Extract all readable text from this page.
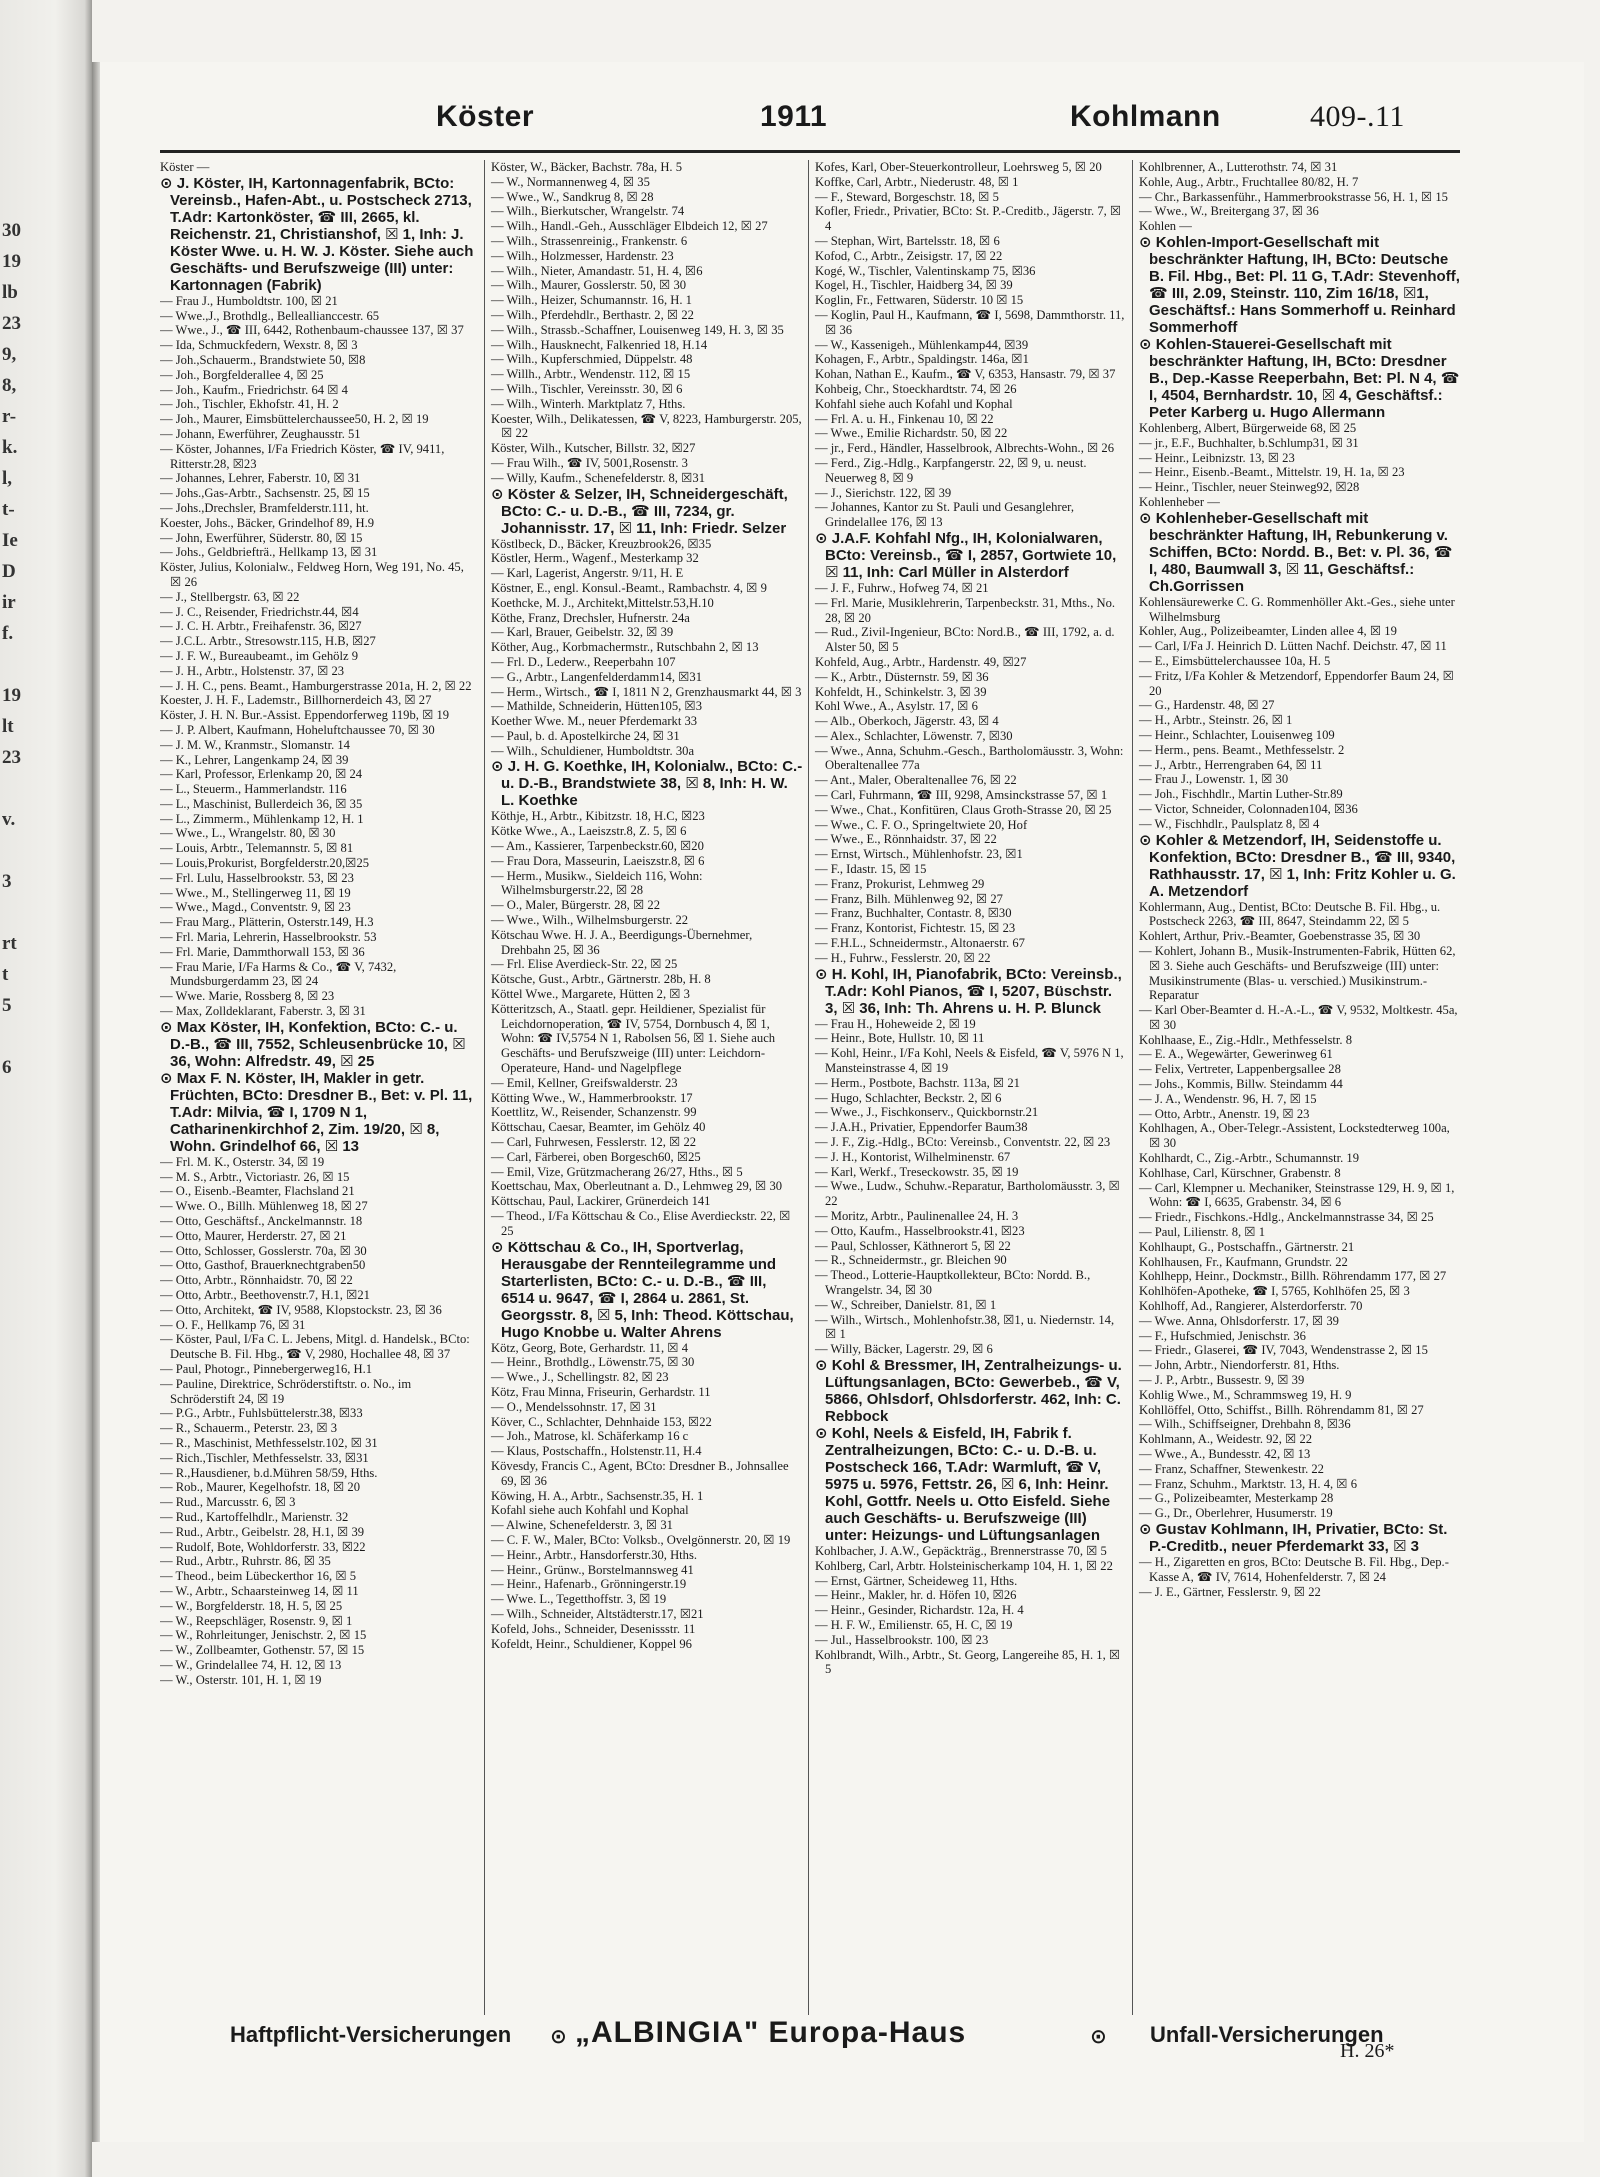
30
19
lb
23
9,
8,
r-
k.
l,
t-
Ie
D
ir
f.

19
lt
23

v.

3

rt
t
5

6

Köster	1911	Kohlmann	409-.11

Köster —

⊙ J. Köster, IH, Kartonnagenfabrik, BCto: Vereinsb., Hafen-Abt., u. Postscheck 2713, T.Adr: Kartonköster, ☎ III, 2665, kl. Reichenstr. 21, Christianshof, ☒ 1, Inh: J. Köster Wwe. u. H. W. J. Köster. Siehe auch Geschäfts- und Berufszweige (III) unter: Kartonnagen (Fabrik)

— Frau J., Humboldtstr. 100, ☒ 21

— Wwe.,J., Brothdlg., Belleallianccestr. 65

— Wwe., J., ☎ III, 6442, Rothenbaum-chaussee 137, ☒ 37

— Ida, Schmuckfedern, Wexstr. 8, ☒ 3

— Joh.,Schauerm., Brandstwiete 50, ☒8

— Joh., Borgfelderallee 4, ☒ 25

— Joh., Kaufm., Friedrichstr. 64 ☒ 4

— Joh., Tischler, Ekhofstr. 41, H. 2

— Joh., Maurer, Eimsbüttelerchaussee50, H. 2, ☒ 19

— Johann, Ewerführer, Zeughausstr. 51

— Köster, Johannes, I/Fa Friedrich Köster, ☎ IV, 9411, Ritterstr.28, ☒23

— Johannes, Lehrer, Faberstr. 10, ☒ 31

— Johs.,Gas-Arbtr., Sachsenstr. 25, ☒ 15

— Johs.,Drechsler, Bramfelderstr.111, ht.

Koester, Johs., Bäcker, Grindelhof 89, H.9

— John, Ewerführer, Süderstr. 80, ☒ 15

— Johs., Geldbriefträ., Hellkamp 13, ☒ 31

Köster, Julius, Kolonialw., Feldweg Horn, Weg 191, No. 45, ☒ 26

— J., Stellbergstr. 63, ☒ 22

— J. C., Reisender, Friedrichstr.44, ☒4

— J. C. H. Arbtr., Freihafenstr. 36, ☒27

— J.C.L. Arbtr., Stresowstr.115, H.B, ☒27

— J. F. W., Bureaubeamt., im Gehölz 9

— J. H., Arbtr., Holstenstr. 37, ☒ 23

— J. H. C., pens. Beamt., Hamburgerstrasse 201a, H. 2, ☒ 22

Koester, J. H. F., Lademstr., Billhornerdeich 43, ☒ 27

Köster, J. H. N. Bur.-Assist. Eppendorferweg 119b, ☒ 19

— J. P. Albert, Kaufmann, Hoheluftchaussee 70, ☒ 30

— J. M. W., Kranmstr., Slomanstr. 14

— K., Lehrer, Langenkamp 24, ☒ 39

— Karl, Professor, Erlenkamp 20, ☒ 24

— L., Steuerm., Hammerlandstr. 116

— L., Maschinist, Bullerdeich 36, ☒ 35

— L., Zimmerm., Mühlenkamp 12, H. 1

— Wwe., L., Wrangelstr. 80, ☒ 30

— Louis, Arbtr., Telemannstr. 5, ☒ 81

— Louis,Prokurist, Borgfelderstr.20,☒25

— Frl. Lulu, Hasselbrookstr. 53, ☒ 23

— Wwe., M., Stellingerweg 11, ☒ 19

— Wwe., Magd., Conventstr. 9, ☒ 23

— Frau Marg., Plätterin, Osterstr.149, H.3

— Frl. Maria, Lehrerin, Hasselbrookstr. 53

— Frl. Marie, Dammthorwall 153, ☒ 36

— Frau Marie, I/Fa Harms & Co., ☎ V, 7432, Mundsburgerdamm 23, ☒ 24

— Wwe. Marie, Rossberg 8, ☒ 23

— Max, Zolldeklarant, Faberstr. 3, ☒ 31

⊙ Max Köster, IH, Konfektion, BCto: C.- u. D.-B., ☎ III, 7552, Schleusenbrücke 10, ☒ 36, Wohn: Alfredstr. 49, ☒ 25

⊙ Max F. N. Köster, IH, Makler in getr. Früchten, BCto: Dresdner B., Bet: v. Pl. 11, T.Adr: Milvia, ☎ I, 1709 N 1, Catharinenkirchhof 2, Zim. 19/20, ☒ 8, Wohn. Grindelhof 66, ☒ 13

— Frl. M. K., Osterstr. 34, ☒ 19

— M. S., Arbtr., Victoriastr. 26, ☒ 15

— O., Eisenb.-Beamter, Flachsland 21

— Wwe. O., Billh. Mühlenweg 18, ☒ 27

— Otto, Geschäftsf., Anckelmannstr. 18

— Otto, Maurer, Herderstr. 27, ☒ 21

— Otto, Schlosser, Gosslerstr. 70a, ☒ 30

— Otto, Gasthof, Brauerknechtgraben50

— Otto, Arbtr., Rönnhaidstr. 70, ☒ 22

— Otto, Arbtr., Beethovenstr.7, H.1, ☒21

— Otto, Architekt, ☎ IV, 9588, Klopstockstr. 23, ☒ 36

— O. F., Hellkamp 76, ☒ 31

— Köster, Paul, I/Fa C. L. Jebens, Mitgl. d. Handelsk., BCto: Deutsche B. Fil. Hbg., ☎ V, 2980, Hochallee 48, ☒ 37

— Paul, Photogr., Pinnebergerweg16, H.1

— Pauline, Direktrice, Schröderstiftstr. o. No., im Schröderstift 24, ☒ 19

— P.G., Arbtr., Fuhlsbüttelerstr.38, ☒33

— R., Schauerm., Peterstr. 23, ☒ 3

— R., Maschinist, Methfesselstr.102, ☒ 31

— Rich.,Tischler, Methfesselstr. 33, ☒31

— R.,Hausdiener, b.d.Mühren 58/59, Hths.

— Rob., Maurer, Kegelhofstr. 18, ☒ 20

— Rud., Marcusstr. 6, ☒ 3

— Rud., Kartoffelhdlr., Marienstr. 32

— Rud., Arbtr., Geibelstr. 28, H.1, ☒ 39

— Rudolf, Bote, Wohldorferstr. 33, ☒22

— Rud., Arbtr., Ruhrstr. 86, ☒ 35

— Theod., beim Lübeckerthor 16, ☒ 5

— W., Arbtr., Schaarsteinweg 14, ☒ 11

— W., Borgfelderstr. 18, H. 5, ☒ 25

— W., Reepschläger, Rosenstr. 9, ☒ 1

— W., Rohrleitunger, Jenischstr. 2, ☒ 15

— W., Zollbeamter, Gothenstr. 57, ☒ 15

— W., Grindelallee 74, H. 12, ☒ 13

— W., Osterstr. 101, H. 1, ☒ 19

Köster, W., Bäcker, Bachstr. 78a, H. 5

— W., Normannenweg 4, ☒ 35

— Wwe., W., Sandkrug 8, ☒ 28

— Wilh., Bierkutscher, Wrangelstr. 74

— Wilh., Handl.-Geh., Ausschläger Elbdeich 12, ☒ 27

— Wilh., Strassenreinig., Frankenstr. 6

— Wilh., Holzmesser, Hardenstr. 23

— Wilh., Nieter, Amandastr. 51, H. 4, ☒6

— Wilh., Maurer, Gosslerstr. 50, ☒ 30

— Wilh., Heizer, Schumannstr. 16, H. 1

— Wilh., Pferdehdlr., Berthastr. 2, ☒ 22

— Wilh., Strassb.-Schaffner, Louisenweg 149, H. 3, ☒ 35

— Wilh., Hausknecht, Falkenried 18, H.14

— Wilh., Kupferschmied, Düppelstr. 48

— Willh., Arbtr., Wendenstr. 112, ☒ 15

— Wilh., Tischler, Vereinsstr. 30, ☒ 6

— Wilh., Winterh. Marktplatz 7, Hths.

Koester, Wilh., Delikatessen, ☎ V, 8223, Hamburgerstr. 205, ☒ 22

Köster, Wilh., Kutscher, Billstr. 32, ☒27

— Frau Wilh., ☎ IV, 5001,Rosenstr. 3

— Willy, Kaufm., Schenefelderstr. 8, ☒31

⊙ Köster & Selzer, IH, Schneidergeschäft, BCto: C.- u. D.-B., ☎ III, 7234, gr. Johannisstr. 17, ☒ 11, Inh: Friedr. Selzer

Köstlbeck, D., Bäcker, Kreuzbrook26, ☒35

Köstler, Herm., Wagenf., Mesterkamp 32

— Karl, Lagerist, Angerstr. 9/11, H. E

Köstner, E., engl. Konsul.-Beamt., Rambachstr. 4, ☒ 9

Koethcke, M. J., Architekt,Mittelstr.53,H.10

Köthe, Franz, Drechsler, Hufnerstr. 24a

— Karl, Brauer, Geibelstr. 32, ☒ 39

Köther, Aug., Korbmachermstr., Rutschbahn 2, ☒ 13

— Frl. D., Lederw., Reeperbahn 107

— G., Arbtr., Langenfelderdamm14, ☒31

— Herm., Wirtsch., ☎ I, 1811 N 2, Grenzhausmarkt 44, ☒ 3

— Mathilde, Schneiderin, Hütten105, ☒3

Koether Wwe. M., neuer Pferdemarkt 33

— Paul, b. d. Apostelkirche 24, ☒ 31

— Wilh., Schuldiener, Humboldtstr. 30a

⊙ J. H. G. Koethke, IH, Kolonialw., BCto: C.- u. D.-B., Brandstwiete 38, ☒ 8, Inh: H. W. L. Koethke

Köthje, H., Arbtr., Kibitzstr. 18, H.C, ☒23

Kötke Wwe., A., Laeiszstr.8, Z. 5, ☒ 6

— Am., Kassierer, Tarpenbeckstr.60, ☒20

— Frau Dora, Masseurin, Laeiszstr.8, ☒ 6

— Herm., Musikw., Sieldeich 116, Wohn: Wilhelmsburgerstr.22, ☒ 28

— O., Maler, Bürgerstr. 28, ☒ 22

— Wwe., Wilh., Wilhelmsburgerstr. 22

Kötschau Wwe. H. J. A., Beerdigungs-Übernehmer, Drehbahn 25, ☒ 36

— Frl. Elise Averdieck-Str. 22, ☒ 25

Kötsche, Gust., Arbtr., Gärtnerstr. 28b, H. 8

Köttel Wwe., Margarete, Hütten 2, ☒ 3

Kötteritzsch, A., Staatl. gepr. Heildiener, Spezialist für Leichdornoperation, ☎ IV, 5754, Dornbusch 4, ☒ 1, Wohn: ☎ IV,5754 N 1, Rabolsen 56, ☒ 1. Siehe auch Geschäfts- und Berufszweige (III) unter: Leichdorn-Operateure, Hand- und Nagelpflege

— Emil, Kellner, Greifswalderstr. 23

Kötting Wwe., W., Hammerbrookstr. 17

Koettlitz, W., Reisender, Schanzenstr. 99

Köttschau, Caesar, Beamter, im Gehölz 40

— Carl, Fuhrwesen, Fesslerstr. 12, ☒ 22

— Carl, Färberei, oben Borgesch60, ☒25

— Emil, Vize, Grützmacherang 26/27, Hths., ☒ 5

Koettschau, Max, Oberleutnant a. D., Lehmweg 29, ☒ 30

Köttschau, Paul, Lackirer, Grünerdeich 141

— Theod., I/Fa Köttschau & Co., Elise Averdieckstr. 22, ☒ 25

⊙ Köttschau & Co., IH, Sportverlag, Herausgabe der Rennteilegramme und Starterlisten, BCto: C.- u. D.-B., ☎ III, 6514 u. 9647, ☎ I, 2864 u. 2861, St. Georgsstr. 8, ☒ 5, Inh: Theod. Köttschau, Hugo Knobbe u. Walter Ahrens

Kötz, Georg, Bote, Gerhardstr. 11, ☒ 4

— Heinr., Brothdlg., Löwenstr.75, ☒ 30

— Wwe., J., Schellingstr. 82, ☒ 23

Kötz, Frau Minna, Friseurin, Gerhardstr. 11

— O., Mendelssohnstr. 17, ☒ 31

Köver, C., Schlachter, Dehnhaide 153, ☒22

— Joh., Matrose, kl. Schäferkamp 16 c

— Klaus, Postschaffn., Holstenstr.11, H.4

Kövesdy, Francis C., Agent, BCto: Dresdner B., Johnsallee 69, ☒ 36

Köwing, H. A., Arbtr., Sachsenstr.35, H. 1

Kofahl siehe auch Kohfahl und Kophal

— Alwine, Schenefelderstr. 3, ☒ 31

— C. F. W., Maler, BCto: Volksb., Ovelgönnerstr. 20, ☒ 19

— Heinr., Arbtr., Hansdorferstr.30, Hths.

— Heinr., Grünw., Borstelmannsweg 41

— Heinr., Hafenarb., Grönningerstr.19

— Wwe. L., Tegetthoffstr. 3, ☒ 19

— Wilh., Schneider, Altstädterstr.17, ☒21

Kofeld, Johs., Schneider, Desenissstr. 11

Kofeldt, Heinr., Schuldiener, Koppel 96

Kofes, Karl, Ober-Steuerkontrolleur, Loehrsweg 5, ☒ 20

Koffke, Carl, Arbtr., Niederustr. 48, ☒ 1

— F., Steward, Borgeschstr. 18, ☒ 5

Kofler, Friedr., Privatier, BCto: St. P.-Creditb., Jägerstr. 7, ☒ 4

— Stephan, Wirt, Bartelsstr. 18, ☒ 6

Kofod, C., Arbtr., Zeisigstr. 17, ☒ 22

Kogé, W., Tischler, Valentinskamp 75, ☒36

Kogel, H., Tischler, Haidberg 34, ☒ 39

Koglin, Fr., Fettwaren, Süderstr. 10 ☒ 15

— Koglin, Paul H., Kaufmann, ☎ I, 5698, Dammthorstr. 11, ☒ 36

— W., Kassenigeh., Mühlenkamp44, ☒39

Kohagen, F., Arbtr., Spaldingstr. 146a, ☒1

Kohan, Nathan E., Kaufm., ☎ V, 6353, Hansastr. 79, ☒ 37

Kohbeig, Chr., Stoeckhardtstr. 74, ☒ 26

Kohfahl siehe auch Kofahl und Kophal

— Frl. A. u. H., Finkenau 10, ☒ 22

— Wwe., Emilie Richardstr. 50, ☒ 22

— jr., Ferd., Händler, Hasselbrook, Albrechts-Wohn., ☒ 26

— Ferd., Zig.-Hdlg., Karpfangerstr. 22, ☒ 9, u. neust. Neuerweg 8, ☒ 9

— J., Sierichstr. 122, ☒ 39

— Johannes, Kantor zu St. Pauli und Gesanglehrer, Grindelallee 176, ☒ 13

⊙ J.A.F. Kohfahl Nfg., IH, Kolonialwaren, BCto: Vereinsb., ☎ I, 2857, Gortwiete 10, ☒ 11, Inh: Carl Müller in Alsterdorf

— J. F., Fuhrw., Hofweg 74, ☒ 21

— Frl. Marie, Musiklehrerin, Tarpenbeckstr. 31, Mths., No. 28, ☒ 20

— Rud., Zivil-Ingenieur, BCto: Nord.B., ☎ III, 1792, a. d. Alster 50, ☒ 5

Kohfeld, Aug., Arbtr., Hardenstr. 49, ☒27

— K., Arbtr., Düsternstr. 59, ☒ 36

Kohfeldt, H., Schinkelstr. 3, ☒ 39

Kohl Wwe., A., Asylstr. 17, ☒ 6

— Alb., Oberkoch, Jägerstr. 43, ☒ 4

— Alex., Schlachter, Löwenstr. 7, ☒30

— Wwe., Anna, Schuhm.-Gesch., Bartholomäusstr. 3, Wohn: Oberaltenallee 77a

— Ant., Maler, Oberaltenallee 76, ☒ 22

— Carl, Fuhrmann, ☎ III, 9298, Amsinckstrasse 57, ☒ 1

— Wwe., Chat., Konfitüren, Claus Groth-Strasse 20, ☒ 25

— Wwe., C. F. O., Springeltwiete 20, Hof

— Wwe., E., Rönnhaidstr. 37, ☒ 22

— Ernst, Wirtsch., Mühlenhofstr. 23, ☒1

— F., Idastr. 15, ☒ 15

— Franz, Prokurist, Lehmweg 29

— Franz, Bilh. Mühlenweg 92, ☒ 27

— Franz, Buchhalter, Contastr. 8, ☒30

— Franz, Kontorist, Fichtestr. 15, ☒ 23

— F.H.L., Schneidermstr., Altonaerstr. 67

— H., Fuhrw., Fesslerstr. 20, ☒ 22

⊙ H. Kohl, IH, Pianofabrik, BCto: Vereinsb., T.Adr: Kohl Pianos, ☎ I, 5207, Büschstr. 3, ☒ 36, Inh: Th. Ahrens u. H. P. Blunck

— Frau H., Hoheweide 2, ☒ 19

— Heinr., Bote, Hullstr. 10, ☒ 11

— Kohl, Heinr., I/Fa Kohl, Neels & Eisfeld, ☎ V, 5976 N 1, Mansteinstrasse 4, ☒ 19

— Herm., Postbote, Bachstr. 113a, ☒ 21

— Hugo, Schlachter, Beckstr. 2, ☒ 6

— Wwe., J., Fischkonserv., Quickbornstr.21

— J.A.H., Privatier, Eppendorfer Baum38

— J. F., Zig.-Hdlg., BCto: Vereinsb., Conventstr. 22, ☒ 23

— J. H., Kontorist, Wilhelminenstr. 67

— Karl, Werkf., Treseckowstr. 35, ☒ 19

— Wwe., Ludw., Schuhw.-Reparatur, Bartholomäusstr. 3, ☒ 22

— Moritz, Arbtr., Paulinenallee 24, H. 3

— Otto, Kaufm., Hasselbrookstr.41, ☒23

— Paul, Schlosser, Käthnerort 5, ☒ 22

— R., Schneidermstr., gr. Bleichen 90

— Theod., Lotterie-Hauptkollekteur, BCto: Nordd. B., Wrangelstr. 34, ☒ 30

— W., Schreiber, Danielstr. 81, ☒ 1

— Wilh., Wirtsch., Mohlenhofstr.38, ☒1, u. Niedernstr. 14, ☒ 1

— Willy, Bäcker, Lagerstr. 29, ☒ 6

⊙ Kohl & Bressmer, IH, Zentralheizungs- u. Lüftungsanlagen, BCto: Gewerbeb., ☎ V, 5866, Ohlsdorf, Ohlsdorferstr. 462, Inh: C. Rebbock

⊙ Kohl, Neels & Eisfeld, IH, Fabrik f. Zentralheizungen, BCto: C.- u. D.-B. u. Postscheck 166, T.Adr: Warmluft, ☎ V, 5975 u. 5976, Fettstr. 26, ☒ 6, Inh: Heinr. Kohl, Gottfr. Neels u. Otto Eisfeld. Siehe auch Geschäfts- u. Berufszweige (III) unter: Heizungs- und Lüftungsanlagen

Kohlbacher, J. A.W., Gepäckträg., Brennerstrasse 70, ☒ 5

Kohlberg, Carl, Arbtr. Holsteinischerkamp 104, H. 1, ☒ 22

— Ernst, Gärtner, Scheideweg 11, Hths.

— Heinr., Makler, hr. d. Höfen 10, ☒26

— Heinr., Gesinder, Richardstr. 12a, H. 4

— H. F. W., Emilienstr. 65, H. C, ☒ 19

— Jul., Hasselbrookstr. 100, ☒ 23

Kohlbrandt, Wilh., Arbtr., St. Georg, Langereihe 85, H. 1, ☒ 5

Kohlbrenner, A., Lutterothstr. 74, ☒ 31

Kohle, Aug., Arbtr., Fruchtallee 80/82, H. 7

— Chr., Barkassenführ., Hammerbrookstrasse 56, H. 1, ☒ 15

— Wwe., W., Breitergang 37, ☒ 36

Kohlen —

⊙ Kohlen-Import-Gesellschaft mit beschränkter Haftung, IH, BCto: Deutsche B. Fil. Hbg., Bet: Pl. 11 G, T.Adr: Stevenhoff, ☎ III, 2.09, Steinstr. 110, Zim 16/18, ☒1, Geschäftsf.: Hans Sommerhoff u. Reinhard Sommerhoff

⊙ Kohlen-Stauerei-Gesellschaft mit beschränkter Haftung, IH, BCto: Dresdner B., Dep.-Kasse Reeperbahn, Bet: Pl. N 4, ☎ I, 4504, Bernhardstr. 10, ☒ 4, Geschäftsf.: Peter Karberg u. Hugo Allermann

Kohlenberg, Albert, Bürgerweide 68, ☒ 25

— jr., E.F., Buchhalter, b.Schlump31, ☒ 31

— Heinr., Leibnizstr. 13, ☒ 23

— Heinr., Eisenb.-Beamt., Mittelstr. 19, H. 1a, ☒ 23

— Heinr., Tischler, neuer Steinweg92, ☒28

Kohlenheber —

⊙ Kohlenheber-Gesellschaft mit beschränkter Haftung, IH, Rebunkerung v. Schiffen, BCto: Nordd. B., Bet: v. Pl. 36, ☎ I, 480, Baumwall 3, ☒ 11, Geschäftsf.: Ch.Gorrissen

Kohlensäurewerke C. G. Rommenhöller Akt.-Ges., siehe unter Wilhelmsburg

Kohler, Aug., Polizeibeamter, Linden allee 4, ☒ 19

— Carl, I/Fa J. Heinrich D. Lütten Nachf. Deichstr. 47, ☒ 11

— E., Eimsbüttelerchaussee 10a, H. 5

— Fritz, I/Fa Kohler & Metzendorf, Eppendorfer Baum 24, ☒ 20

— G., Hardenstr. 48, ☒ 27

— H., Arbtr., Steinstr. 26, ☒ 1

— Heinr., Schlachter, Louisenweg 109

— Herm., pens. Beamt., Methfesselstr. 2

— J., Arbtr., Herrengraben 64, ☒ 11

— Frau J., Lowenstr. 1, ☒ 30

— Joh., Fischhdlr., Martin Luther-Str.89

— Victor, Schneider, Colonnaden104, ☒36

— W., Fischhdlr., Paulsplatz 8, ☒ 4

⊙ Kohler & Metzendorf, IH, Seidenstoffe u. Konfektion, BCto: Dresdner B., ☎ III, 9340, Rathhausstr. 17, ☒ 1, Inh: Fritz Kohler u. G. A. Metzendorf

Kohlermann, Aug., Dentist, BCto: Deutsche B. Fil. Hbg., u. Postscheck 2263, ☎ III, 8647, Steindamm 22, ☒ 5

Kohlert, Arthur, Priv.-Beamter, Goebenstrasse 35, ☒ 30

— Kohlert, Johann B., Musik-Instrumenten-Fabrik, Hütten 62, ☒ 3. Siehe auch Geschäfts- und Berufszweige (III) unter: Musikinstrumente (Blas- u. verschied.) Musikinstrum.-Reparatur

— Karl Ober-Beamter d. H.-A.-L., ☎ V, 9532, Moltkestr. 45a, ☒ 30

Kohlhaase, E., Zig.-Hdlr., Methfesselstr. 8

— E. A., Wegewärter, Gewerinweg 61

— Felix, Vertreter, Lappenbergsallee 28

— Johs., Kommis, Billw. Steindamm 44

— J. A., Wendenstr. 96, H. 7, ☒ 15

— Otto, Arbtr., Anenstr. 19, ☒ 23

Kohlhagen, A., Ober-Telegr.-Assistent, Lockstedterweg 100a, ☒ 30

Kohlhardt, C., Zig.-Arbtr., Schumannstr. 19

Kohlhase, Carl, Kürschner, Grabenstr. 8

— Carl, Klempner u. Mechaniker, Steinstrasse 129, H. 9, ☒ 1, Wohn: ☎ I, 6635, Grabenstr. 34, ☒ 6

— Friedr., Fischkons.-Hdlg., Anckelmannstrasse 34, ☒ 25

— Paul, Lilienstr. 8, ☒ 1

Kohlhaupt, G., Postschaffn., Gärtnerstr. 21

Kohlhausen, Fr., Kaufmann, Grundstr. 22

Kohlhepp, Heinr., Dockmstr., Billh. Röhrendamm 177, ☒ 27

Kohlhöfen-Apotheke, ☎ I, 5765, Kohlhöfen 25, ☒ 3

Kohlhoff, Ad., Rangierer, Alsterdorferstr. 70

— Wwe. Anna, Ohlsdorferstr. 17, ☒ 39

— F., Hufschmied, Jenischstr. 36

— Friedr., Glaserei, ☎ IV, 7043, Wendenstrasse 2, ☒ 15

— John, Arbtr., Niendorferstr. 81, Hths.

— J. P., Arbtr., Bussestr. 9, ☒ 39

Kohlig Wwe., M., Schrammsweg 19, H. 9

Kohllöffel, Otto, Schiffst., Billh. Röhrendamm 81, ☒ 27

— Wilh., Schiffseigner, Drehbahn 8, ☒36

Kohlmann, A., Weidestr. 92, ☒ 22

— Wwe., A., Bundesstr. 42, ☒ 13

— Franz, Schaffner, Stewenkestr. 22

— Franz, Schuhm., Marktstr. 13, H. 4, ☒ 6

— G., Polizeibeamter, Mesterkamp 28

— G., Dr., Oberlehrer, Husumerstr. 19

⊙ Gustav Kohlmann, IH, Privatier, BCto: St. P.-Creditb., neuer Pferdemarkt 33, ☒ 3

— H., Zigaretten en gros, BCto: Deutsche B. Fil. Hbg., Dep.-Kasse A, ☎ IV, 7614, Hohenfelderstr. 7, ☒ 24

— J. E., Gärtner, Fesslerstr. 9, ☒ 22

Haftpflicht-Versicherungen ⊙ „ALBINGIA" Europa-Haus	⊙ Unfall-Versicherungen
H. 26*
